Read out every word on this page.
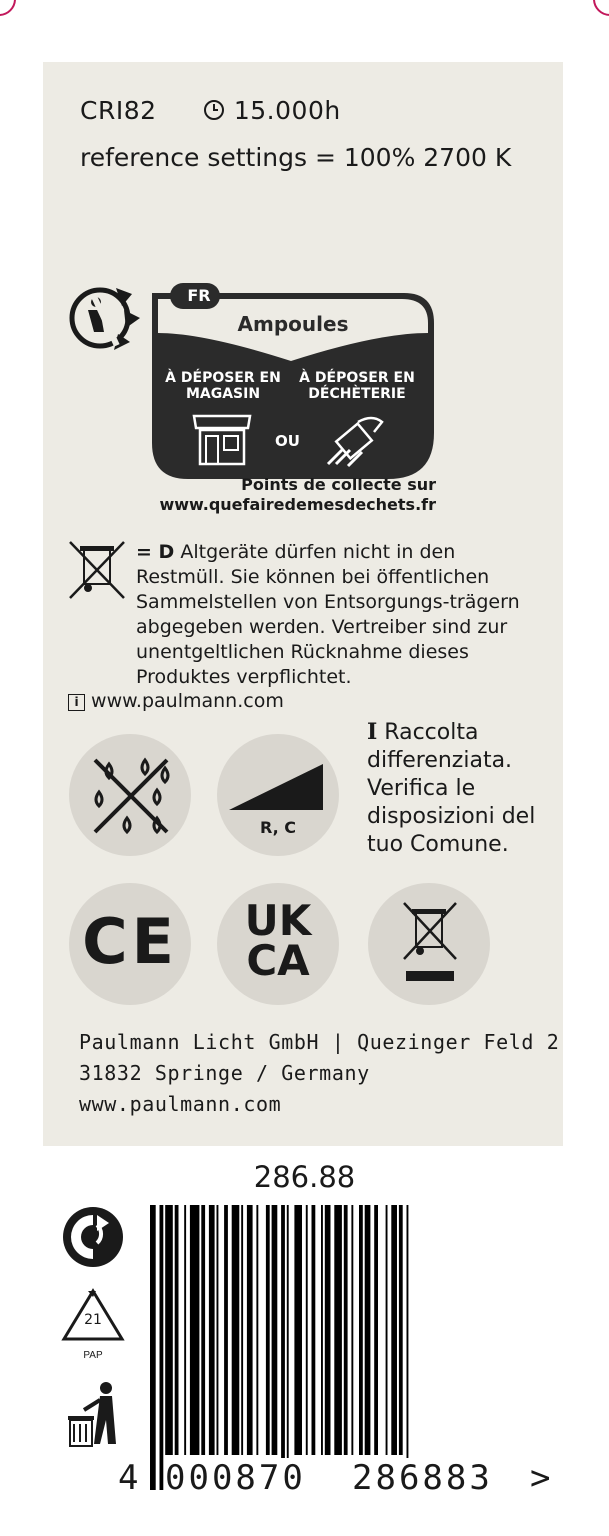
CRI82	15.000h
reference settings = 100% 2700 K
FR
Ampoules
À DÉPOSER EN MAGASIN
À DÉPOSER EN DÉCHÈTERIE
OU
Points de collecte sur
www.quefairedemesdechets.fr
= D Altgeräte dürfen nicht in den Restmüll. Sie können bei öffentlichen Sammelstellen von Entsorgungs-trägern abgegeben werden. Vertreiber sind zur unentgeltlichen Rücknahme dieses Produktes verpflichtet.
i www.paulmann.com
R, C
I Raccolta differenziata. Verifica le disposizioni del tuo Comune.
CE	UK
CA
Paulmann Licht GmbH | Quezinger Feld 2
31832 Springe / Germany
www.paulmann.com
286.88
21
PAP
4 000870	286883	>
